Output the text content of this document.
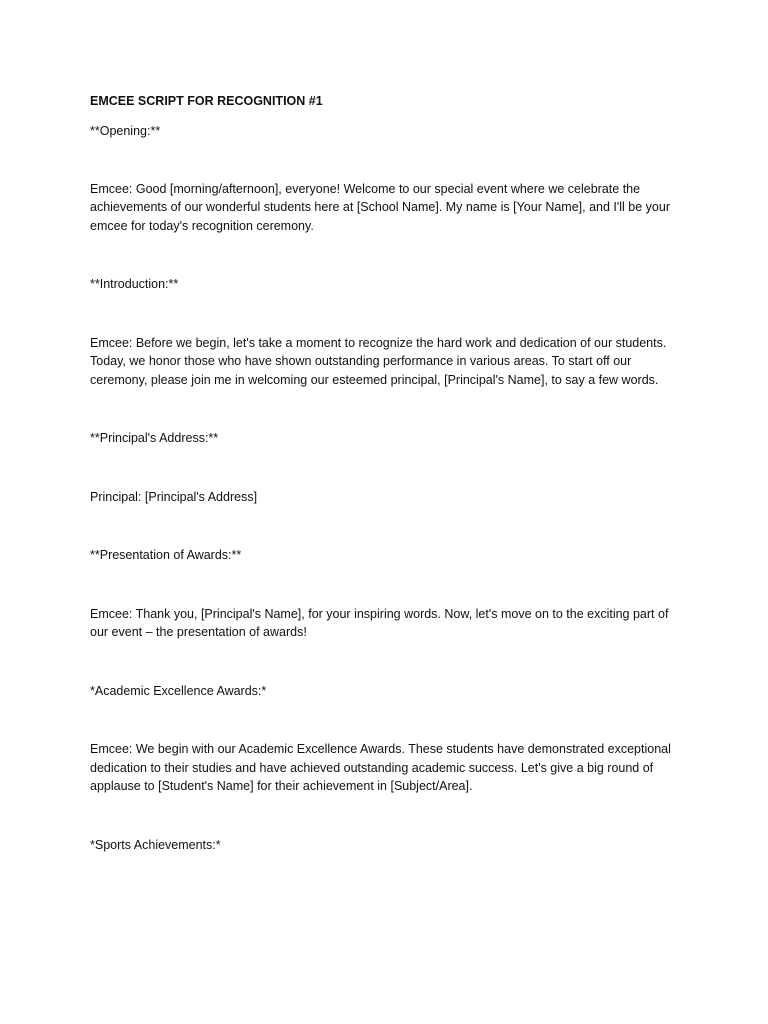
EMCEE SCRIPT FOR RECOGNITION #1

**Opening:**

Emcee: Good [morning/afternoon], everyone! Welcome to our special event where we celebrate the achievements of our wonderful students here at [School Name]. My name is [Your Name], and I'll be your emcee for today's recognition ceremony.

**Introduction:**

Emcee: Before we begin, let's take a moment to recognize the hard work and dedication of our students. Today, we honor those who have shown outstanding performance in various areas. To start off our ceremony, please join me in welcoming our esteemed principal, [Principal's Name], to say a few words.

**Principal's Address:**

Principal: [Principal's Address]

**Presentation of Awards:**

Emcee: Thank you, [Principal's Name], for your inspiring words. Now, let's move on to the exciting part of our event – the presentation of awards!

*Academic Excellence Awards:*

Emcee: We begin with our Academic Excellence Awards. These students have demonstrated exceptional dedication to their studies and have achieved outstanding academic success. Let's give a big round of applause to [Student's Name] for their achievement in [Subject/Area].

*Sports Achievements:*
